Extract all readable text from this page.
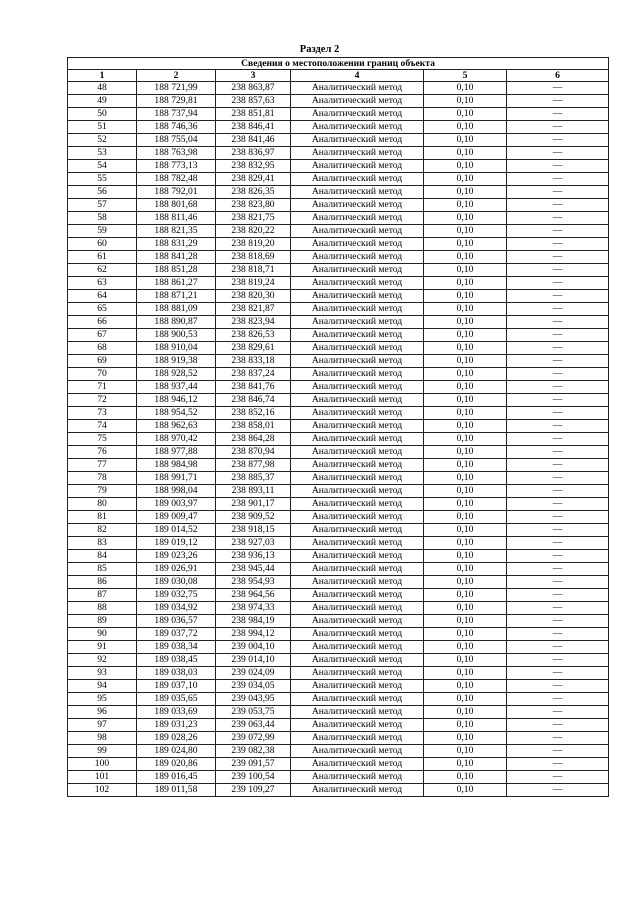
Раздел 2
Сведения о местоположении границ объекта					
1	2	3	4	5	6
48	188 721,99	238 863,87	Аналитический метод	0,10	—
49	188 729,81	238 857,63	Аналитический метод	0,10	—
50	188 737,94	238 851,81	Аналитический метод	0,10	—
51	188 746,36	238 846,41	Аналитический метод	0,10	—
52	188 755,04	238 841,46	Аналитический метод	0,10	—
53	188 763,98	238 836,97	Аналитический метод	0,10	—
54	188 773,13	238 832,95	Аналитический метод	0,10	—
55	188 782,48	238 829,41	Аналитический метод	0,10	—
56	188 792,01	238 826,35	Аналитический метод	0,10	—
57	188 801,68	238 823,80	Аналитический метод	0,10	—
58	188 811,46	238 821,75	Аналитический метод	0,10	—
59	188 821,35	238 820,22	Аналитический метод	0,10	—
60	188 831,29	238 819,20	Аналитический метод	0,10	—
61	188 841,28	238 818,69	Аналитический метод	0,10	—
62	188 851,28	238 818,71	Аналитический метод	0,10	—
63	188 861,27	238 819,24	Аналитический метод	0,10	—
64	188 871,21	238 820,30	Аналитический метод	0,10	—
65	188 881,09	238 821,87	Аналитический метод	0,10	—
66	188 890,87	238 823,94	Аналитический метод	0,10	—
67	188 900,53	238 826,53	Аналитический метод	0,10	—
68	188 910,04	238 829,61	Аналитический метод	0,10	—
69	188 919,38	238 833,18	Аналитический метод	0,10	—
70	188 928,52	238 837,24	Аналитический метод	0,10	—
71	188 937,44	238 841,76	Аналитический метод	0,10	—
72	188 946,12	238 846,74	Аналитический метод	0,10	—
73	188 954,52	238 852,16	Аналитический метод	0,10	—
74	188 962,63	238 858,01	Аналитический метод	0,10	—
75	188 970,42	238 864,28	Аналитический метод	0,10	—
76	188 977,88	238 870,94	Аналитический метод	0,10	—
77	188 984,98	238 877,98	Аналитический метод	0,10	—
78	188 991,71	238 885,37	Аналитический метод	0,10	—
79	188 998,04	238 893,11	Аналитический метод	0,10	—
80	189 003,97	238 901,17	Аналитический метод	0,10	—
81	189 009,47	238 909,52	Аналитический метод	0,10	—
82	189 014,52	238 918,15	Аналитический метод	0,10	—
83	189 019,12	238 927,03	Аналитический метод	0,10	—
84	189 023,26	238 936,13	Аналитический метод	0,10	—
85	189 026,91	238 945,44	Аналитический метод	0,10	—
86	189 030,08	238 954,93	Аналитический метод	0,10	—
87	189 032,75	238 964,56	Аналитический метод	0,10	—
88	189 034,92	238 974,33	Аналитический метод	0,10	—
89	189 036,57	238 984,19	Аналитический метод	0,10	—
90	189 037,72	238 994,12	Аналитический метод	0,10	—
91	189 038,34	239 004,10	Аналитический метод	0,10	—
92	189 038,45	239 014,10	Аналитический метод	0,10	—
93	189 038,03	239 024,09	Аналитический метод	0,10	—
94	189 037,10	239 034,05	Аналитический метод	0,10	—
95	189 035,65	239 043,95	Аналитический метод	0,10	—
96	189 033,69	239 053,75	Аналитический метод	0,10	—
97	189 031,23	239 063,44	Аналитический метод	0,10	—
98	189 028,26	239 072,99	Аналитический метод	0,10	—
99	189 024,80	239 082,38	Аналитический метод	0,10	—
100	189 020,86	239 091,57	Аналитический метод	0,10	—
101	189 016,45	239 100,54	Аналитический метод	0,10	—
102	189 011,58	239 109,27	Аналитический метод	0,10	—
